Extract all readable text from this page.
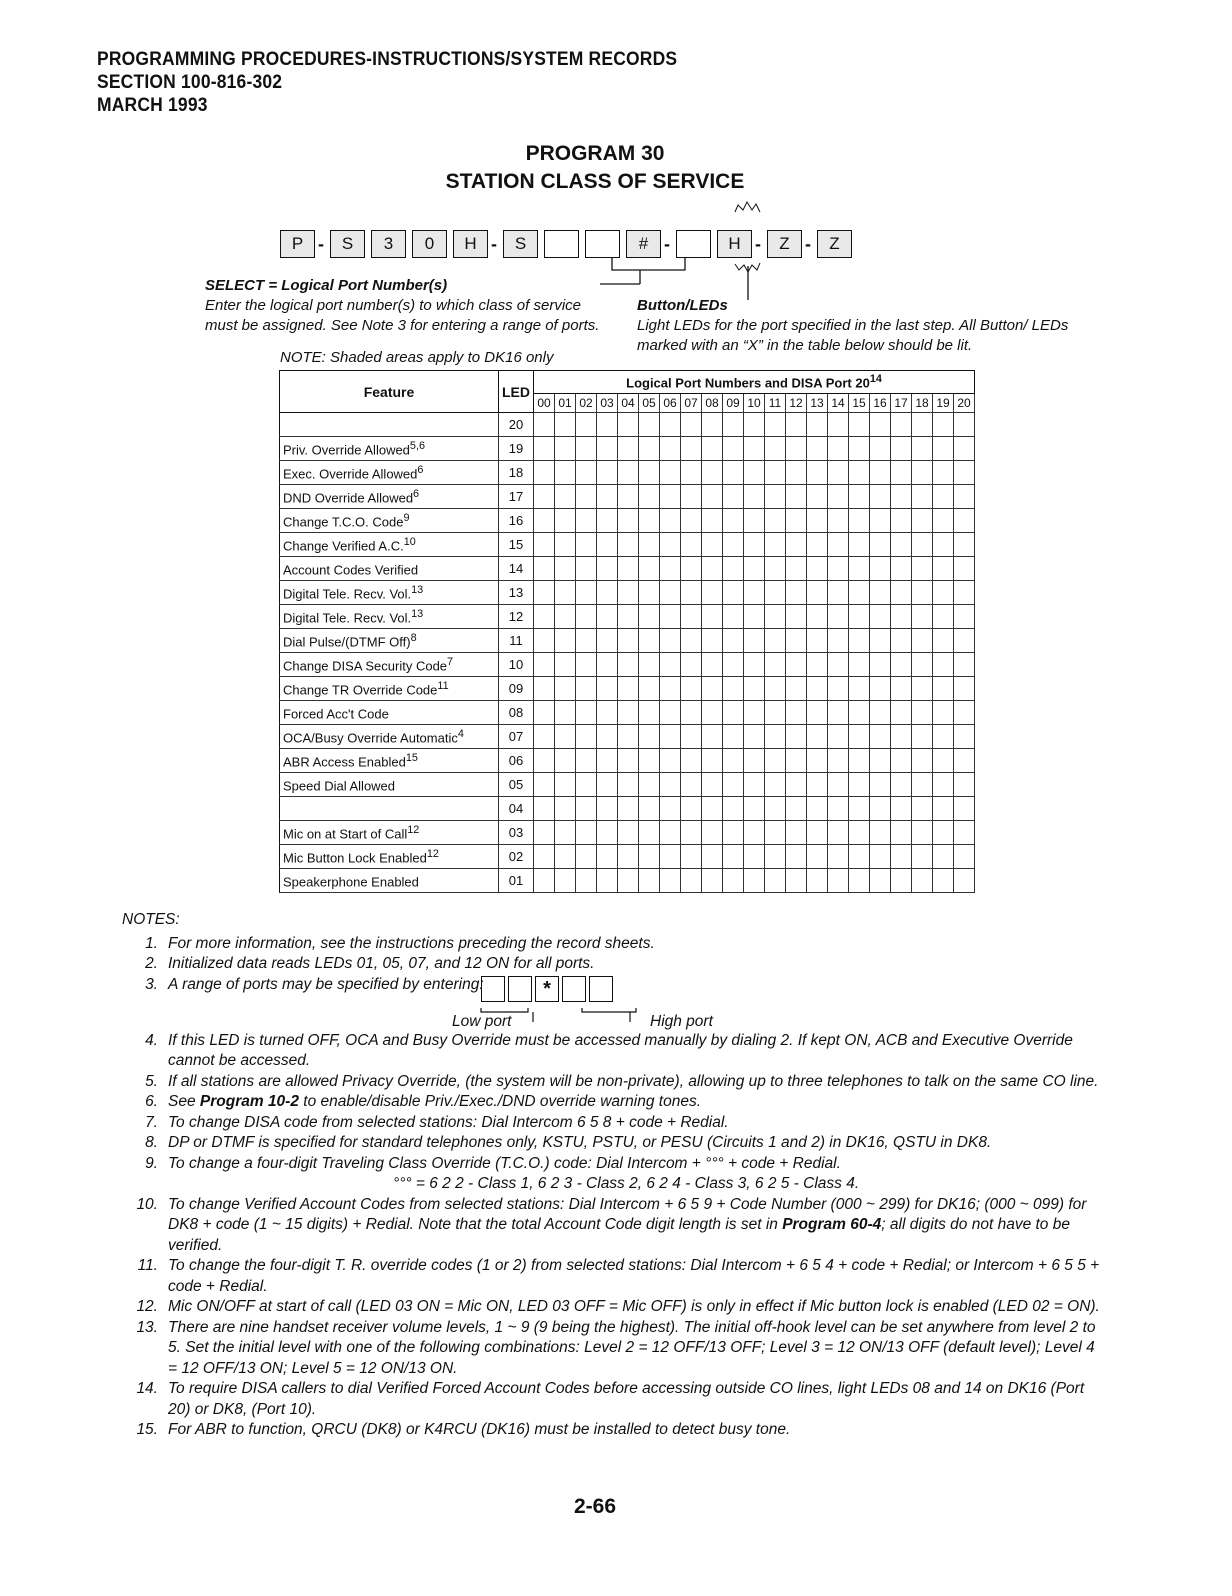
PROGRAMMING PROCEDURES-INSTRUCTIONS/SYSTEM RECORDS
SECTION 100-816-302
MARCH 1993
PROGRAM 30
STATION CLASS OF SERVICE
P -	S	3	0	H -	S	# -	H -	Z -	Z
SELECT = Logical Port Number(s)
Enter the logical port number(s) to which class of service
must be assigned. See Note 3 for entering a range of ports.
Button/LEDs
Light LEDs for the port specified in the last step. All Button/ LEDs marked with an “X” in the table below should be lit.
NOTE: Shaded areas apply to DK16 only
Feature	LED	Logical Port Numbers and DISA Port $20^{14}$
		00	01	02	03	04	05	06	07	08	09	10	11	12	13	14	15	16	17	18	19	20
	20																					
Priv. Override Allowed$^{5,6}$	19																					
Exec. Override Allowed$^6$	18																					
DND Override Allowed$^6$	17																					
Change T.C.O. Code$^9$	16																					
Change Verified A.C.$^{10}$	15																					
Account Codes Verified	14																					
Digital Tele. Recv. Vol.$^{13}$	13																					
Digital Tele. Recv. Vol.$^{13}$	12																					
Dial Pulse/(DTMF Off)$^8$	11																					
Change DISA Security Code$^7$	10																					
Change TR Override Code$^{11}$	09																					
Forced Acc't Code	08																					
OCA/Busy Override Automatic$^4$	07																					
ABR Access Enabled$^{15}$	06																					
Speed Dial Allowed	05																					
	04																					
Mic on at Start of Call$^{12}$	03																					
Mic Button Lock Enabled$^{12}$	02																					
Speakerphone Enabled	01																					
NOTES:
1. For more information, see the instructions preceding the record sheets.
2. Initialized data reads LEDs 01, 05, 07, and 12 ON for all ports.
3. A range of ports may be specified by entering:
4. If this LED is turned OFF, OCA and Busy Override must be accessed manually by dialing 2. If kept ON, ACB and Executive Override cannot be accessed.
5. If all stations are allowed Privacy Override, (the system will be non-private), allowing up to three telephones to talk on the same CO line.
6. See Program 10-2 to enable/disable Priv./Exec./DND override warning tones.
7. To change DISA code from selected stations: Dial Intercom 6 5 8 + code + Redial.
8. DP or DTMF is specified for standard telephones only, KSTU, PSTU, or PESU (Circuits 1 and 2) in DK16, QSTU in DK8.
9. To change a four-digit Traveling Class Override (T.C.O.) code: Dial Intercom + °°° + code + Redial.
°°° = 6 2 2 - Class 1, 6 2 3 - Class 2, 6 2 4 - Class 3, 6 2 5 - Class 4.
10. To change Verified Account Codes from selected stations: Dial Intercom + 6 5 9 + Code Number (000 ~ 299) for DK16; (000 ~ 099) for DK8 + code (1 ~ 15 digits) + Redial. Note that the total Account Code digit length is set in Program 60-4; all digits do not have to be verified.
11. To change the four-digit T. R. override codes (1 or 2) from selected stations: Dial Intercom + 6 5 4 + code + Redial; or Intercom + 6 5 5 + code + Redial.
12. Mic ON/OFF at start of call (LED 03 ON = Mic ON, LED 03 OFF = Mic OFF) is only in effect if Mic button lock is enabled (LED 02 = ON).
13. There are nine handset receiver volume levels, 1 ~ 9 (9 being the highest). The initial off-hook level can be set anywhere from level 2 to 5. Set the initial level with one of the following combinations: Level 2 = 12 OFF/13 OFF; Level 3 = 12 ON/13 OFF (default level); Level 4 = 12 OFF/13 ON; Level 5 = 12 ON/13 ON.
14. To require DISA callers to dial Verified Forced Account Codes before accessing outside CO lines, light LEDs 08 and 14 on DK16 (Port 20) or DK8, (Port 10).
15. For ABR to function, QRCU (DK8) or K4RCU (DK16) must be installed to detect busy tone.
*
Low port	High port
2-66
